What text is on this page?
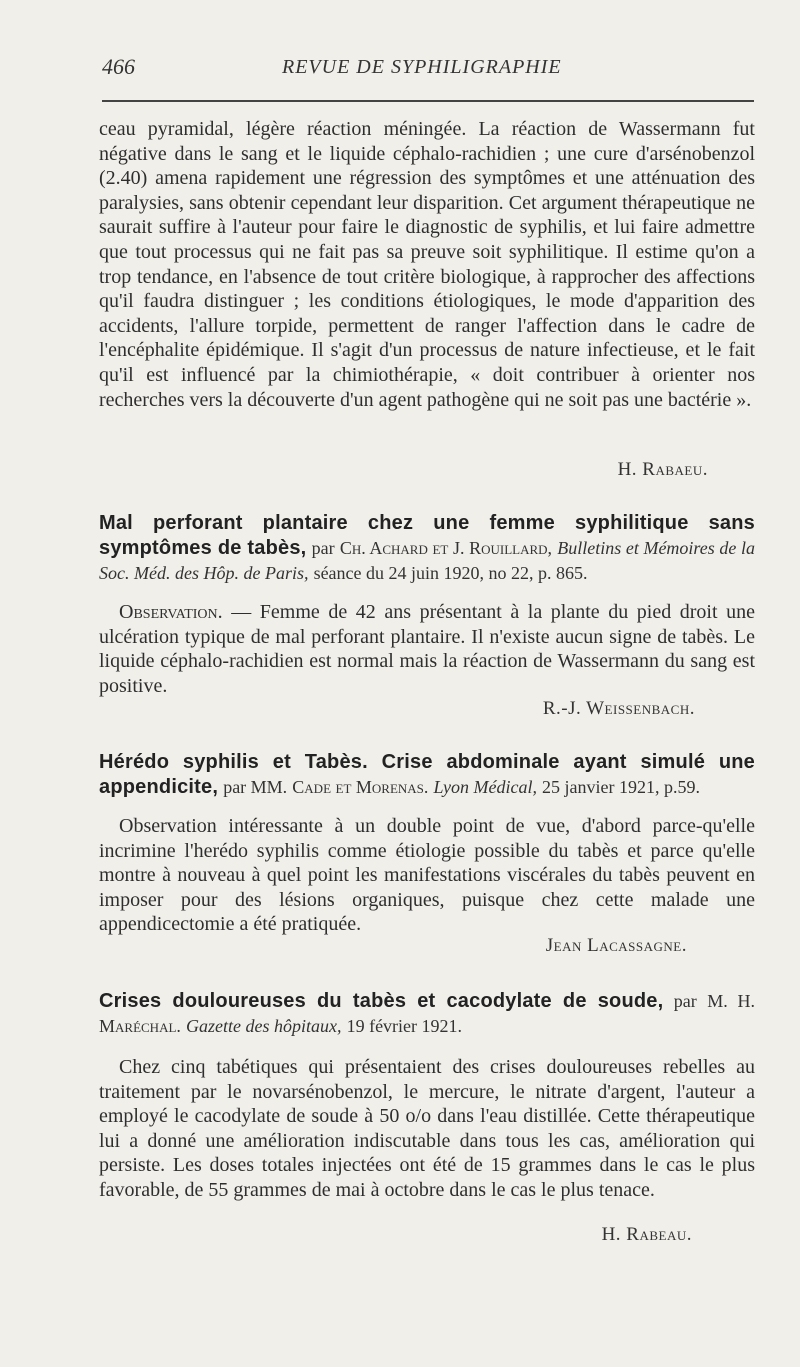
466	REVUE DE SYPHILIGRAPHIE
ceau pyramidal, légère réaction méningée. La réaction de Wassermann fut négative dans le sang et le liquide céphalo-rachidien ; une cure d'arsénobenzol (2.40) amena rapidement une régression des symptômes et une atténuation des paralysies, sans obtenir cependant leur disparition. Cet argument thérapeutique ne saurait suffire à l'auteur pour faire le diagnostic de syphilis, et lui faire admettre que tout processus qui ne fait pas sa preuve soit syphilitique. Il estime qu'on a trop tendance, en l'absence de tout critère biologique, à rapprocher des affections qu'il faudra distinguer ; les conditions étiologiques, le mode d'apparition des accidents, l'allure torpide, permettent de ranger l'affection dans le cadre de l'encéphalite épidémique. Il s'agit d'un processus de nature infectieuse, et le fait qu'il est influencé par la chimiothérapie, « doit contribuer à orienter nos recherches vers la découverte d'un agent pathogène qui ne soit pas une bactérie ».
H. Rabaeu.
Mal perforant plantaire chez une femme syphilitique sans symptômes de tabès, par Ch. Achard et J. Rouillard, Bulletins et Mémoires de la Soc. Méd. des Hôp. de Paris, séance du 24 juin 1920, no 22, p. 865.
Observation. — Femme de 42 ans présentant à la plante du pied droit une ulcération typique de mal perforant plantaire. Il n'existe aucun signe de tabès. Le liquide céphalo-rachidien est normal mais la réaction de Wassermann du sang est positive.
R.-J. Weissenbach.
Hérédo syphilis et Tabès. Crise abdominale ayant simulé une appendicite, par MM. Cade et Morenas. Lyon Médical, 25 janvier 1921, p.59.
Observation intéressante à un double point de vue, d'abord parce-qu'elle incrimine l'herédo syphilis comme étiologie possible du tabès et parce qu'elle montre à nouveau à quel point les manifestations viscérales du tabès peuvent en imposer pour des lésions organiques, puisque chez cette malade une appendicectomie a été pratiquée.
Jean Lacassagne.
Crises douloureuses du tabès et cacodylate de soude, par M. H. Maréchal. Gazette des hôpitaux, 19 février 1921.
Chez cinq tabétiques qui présentaient des crises douloureuses rebelles au traitement par le novarsénobenzol, le mercure, le nitrate d'argent, l'auteur a employé le cacodylate de soude à 50 o/o dans l'eau distillée. Cette thérapeutique lui a donné une amélioration indiscutable dans tous les cas, amélioration qui persiste. Les doses totales injectées ont été de 15 grammes dans le cas le plus favorable, de 55 grammes de mai à octobre dans le cas le plus tenace.
H. Rabeau.
